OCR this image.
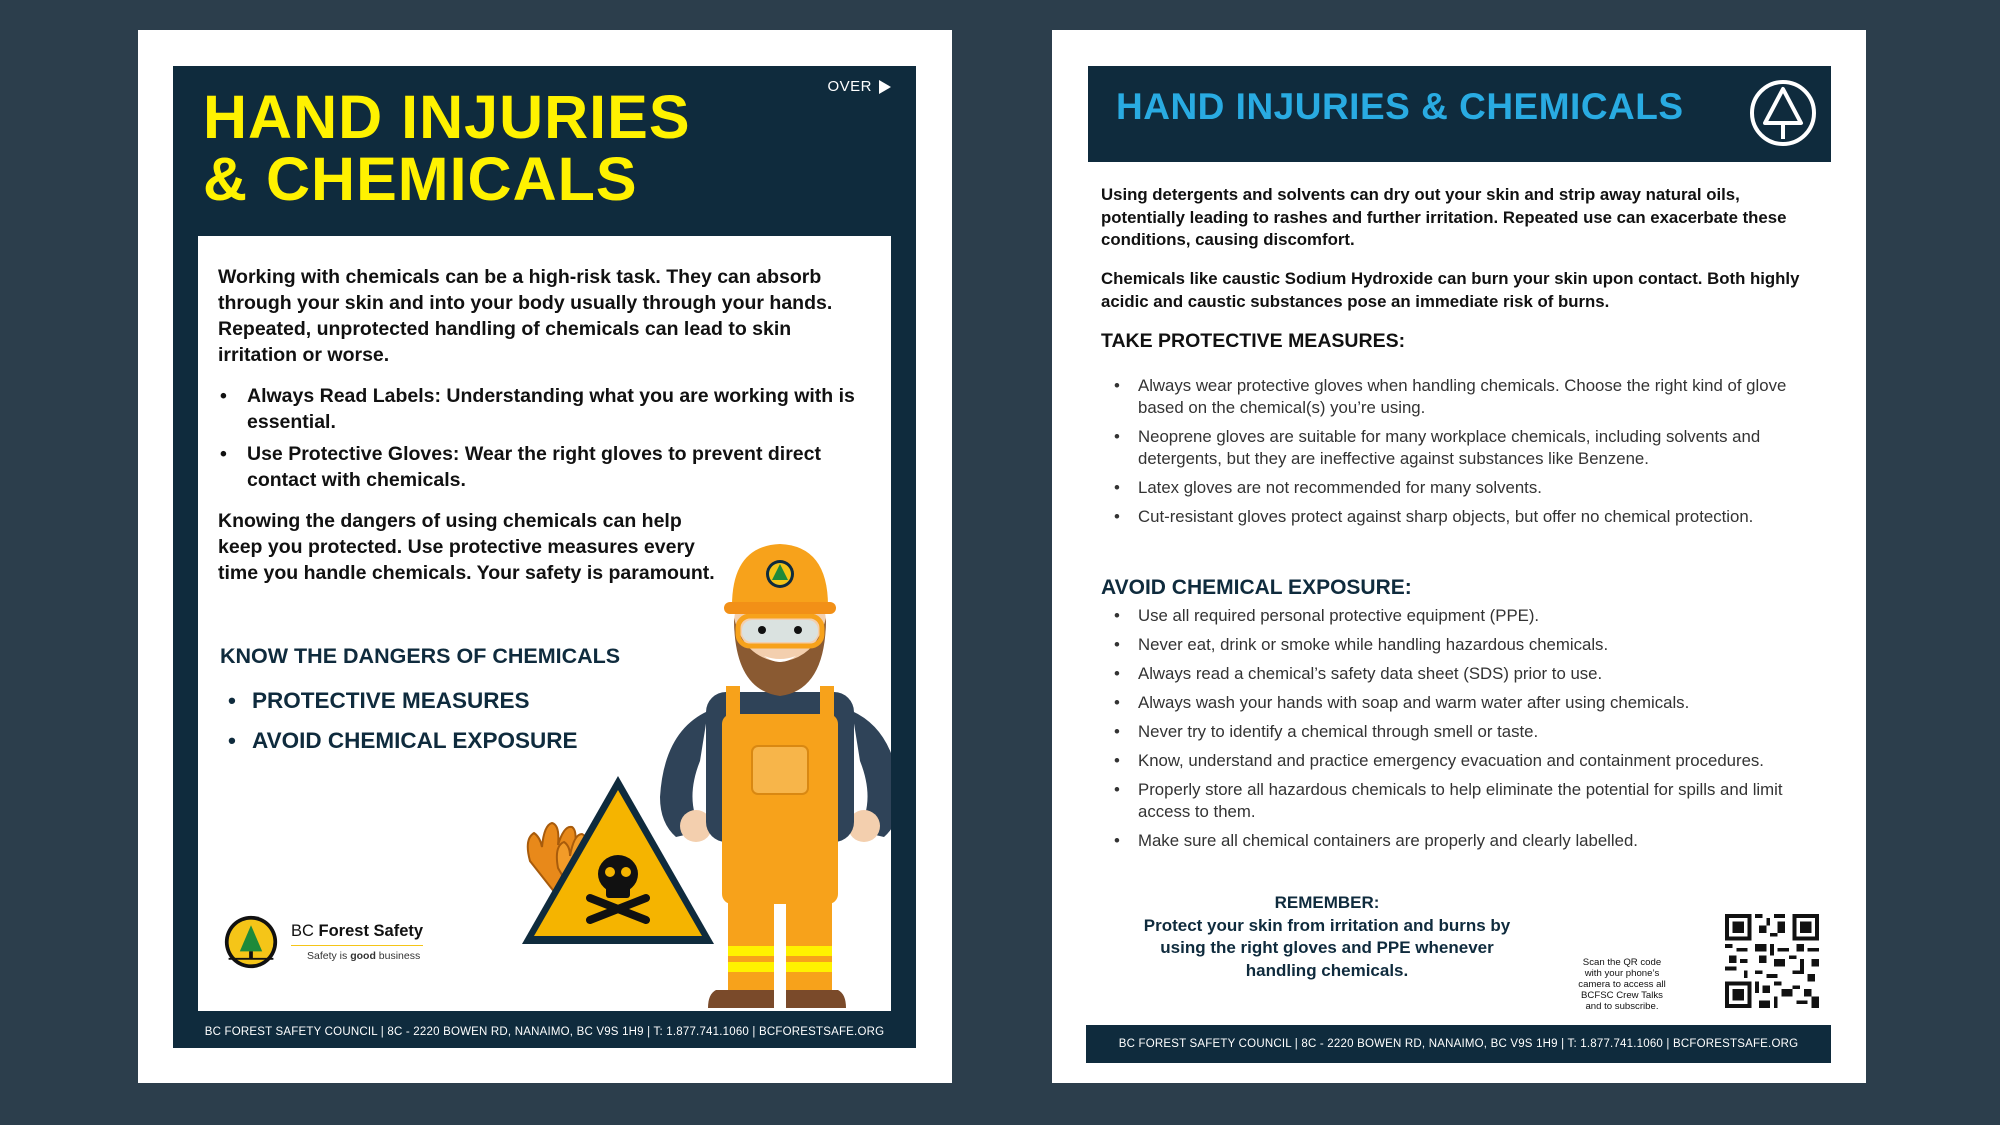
OVER
HAND INJURIES
& CHEMICALS

Working with chemicals can be a high-risk task. They can absorb through your skin and into your body usually through your hands. Repeated, unprotected handling of chemicals can lead to skin irritation or worse.

• Always Read Labels: Understanding what you are working with is essential.
• Use Protective Gloves: Wear the right gloves to prevent direct contact with chemicals.

Knowing the dangers of using chemicals can help keep you protected. Use protective measures every time you handle chemicals. Your safety is paramount.

KNOW THE DANGERS OF CHEMICALS
• PROTECTIVE MEASURES
• AVOID CHEMICAL EXPOSURE
BC Forest Safety
Safety is good business
BC FOREST SAFETY COUNCIL | 8C - 2220 BOWEN RD, NANAIMO, BC V9S 1H9 | T: 1.877.741.1060 | BCFORESTSAFE.ORG
HAND INJURIES & CHEMICALS

Using detergents and solvents can dry out your skin and strip away natural oils, potentially leading to rashes and further irritation. Repeated use can exacerbate these conditions, causing discomfort.

Chemicals like caustic Sodium Hydroxide can burn your skin upon contact. Both highly acidic and caustic substances pose an immediate risk of burns.

TAKE PROTECTIVE MEASURES:
• Always wear protective gloves when handling chemicals. Choose the right kind of glove based on the chemical(s) you’re using.
• Neoprene gloves are suitable for many workplace chemicals, including solvents and detergents, but they are ineffective against substances like Benzene.
• Latex gloves are not recommended for many solvents.
• Cut-resistant gloves protect against sharp objects, but offer no chemical protection.
AVOID CHEMICAL EXPOSURE:
• Use all required personal protective equipment (PPE).
• Never eat, drink or smoke while handling hazardous chemicals.
• Always read a chemical’s safety data sheet (SDS) prior to use.
• Always wash your hands with soap and warm water after using chemicals.
• Never try to identify a chemical through smell or taste.
• Know, understand and practice emergency evacuation and containment procedures.
• Properly store all hazardous chemicals to help eliminate the potential for spills and limit access to them.
• Make sure all chemical containers are properly and clearly labelled.
REMEMBER:
Protect your skin from irritation and burns by using the right gloves and PPE whenever handling chemicals.	Scan the QR code with your phone’s camera to access all BCFSC Crew Talks and to subscribe.

BC FOREST SAFETY COUNCIL | 8C - 2220 BOWEN RD, NANAIMO, BC V9S 1H9 | T: 1.877.741.1060 | BCFORESTSAFE.ORG
